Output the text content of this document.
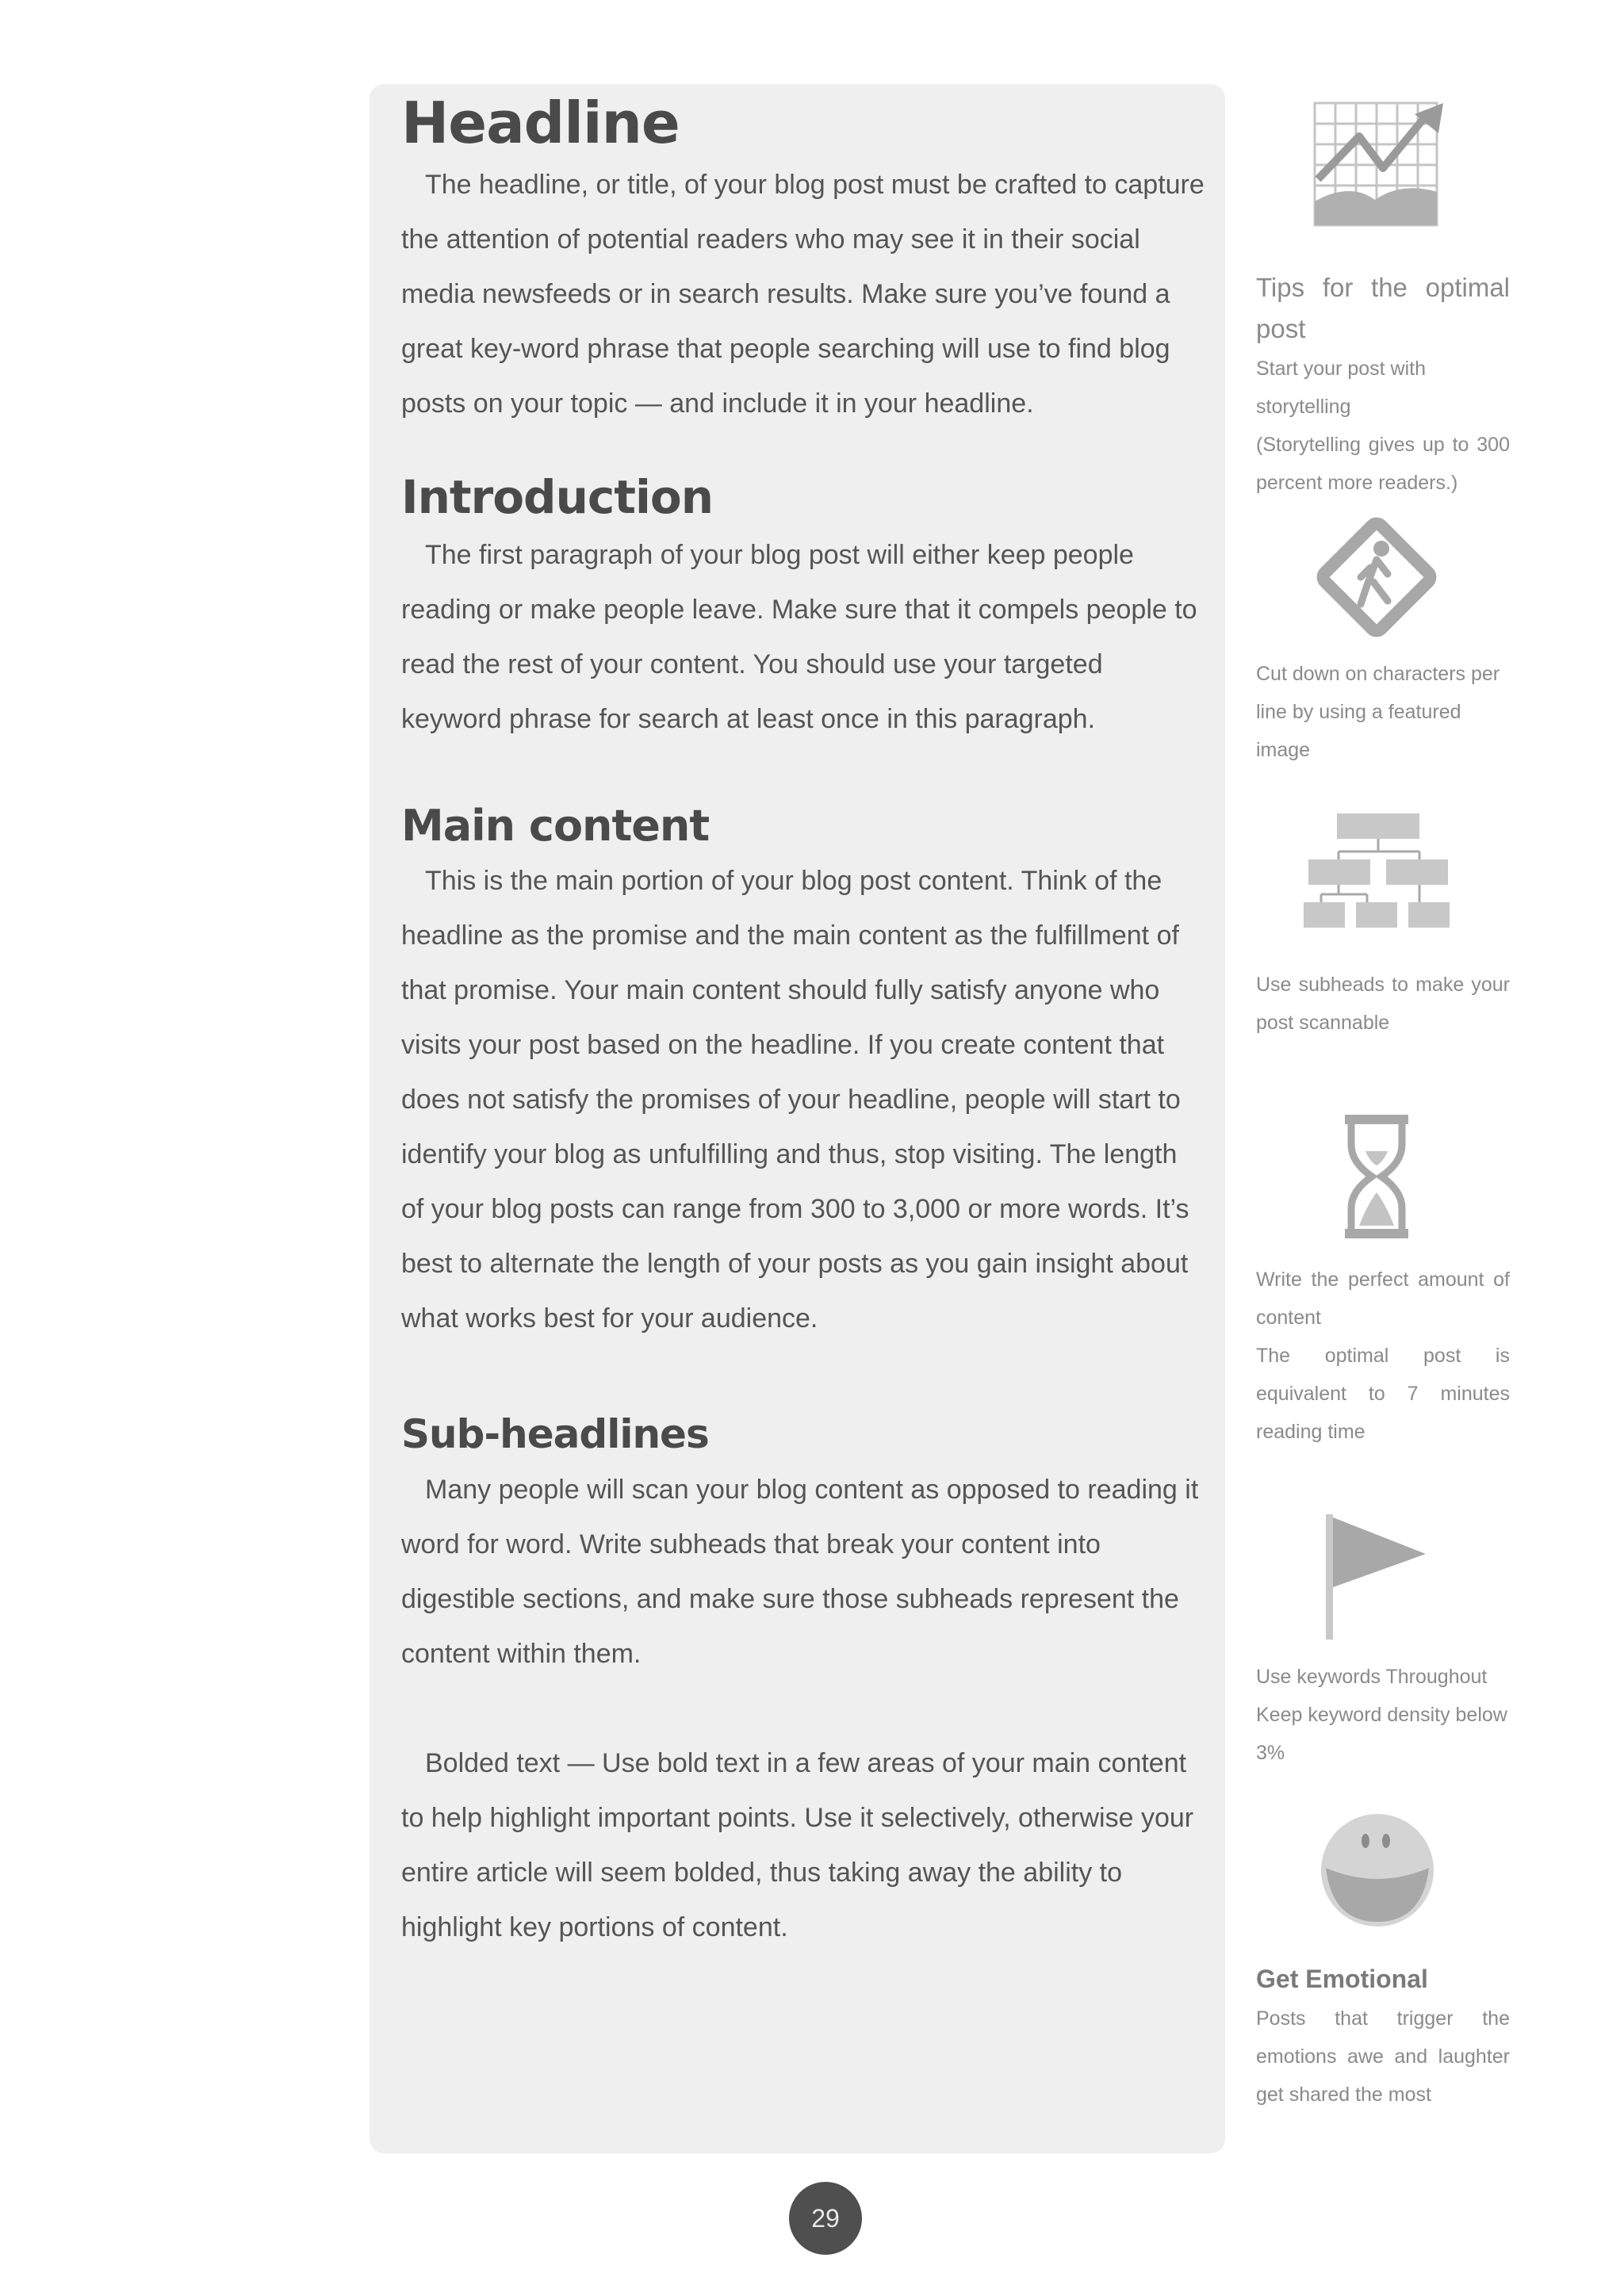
Headline

The headline, or title, of your blog post must be crafted to capture the attention of potential readers who may see it in their social media newsfeeds or in search results. Make sure you’ve found a great key-word phrase that people searching will use to find blog posts on your topic — and include it in your headline.

Introduction

The first paragraph of your blog post will either keep people reading or make people leave. Make sure that it compels people to read the rest of your content. You should use your targeted keyword phrase for search at least once in this paragraph.

Main content

This is the main portion of your blog post content. Think of the headline as the promise and the main content as the fulfillment of that promise. Your main content should fully satisfy anyone who visits your post based on the headline. If you create content that does not satisfy the promises of your headline, people will start to identify your blog as unfulfilling and thus, stop visiting. The length of your blog posts can range from 300 to 3,000 or more words. It’s best to alternate the length of your posts as you gain insight about what works best for your audience.

Sub-headlines

Many people will scan your blog content as opposed to reading it word for word. Write subheads that break your content into digestible sections, and make sure those subheads represent the content within them.

Bolded text — Use bold text in a few areas of your main content to help highlight important points. Use it selectively, otherwise your entire article will seem bolded, thus taking away the ability to highlight key portions of content.

Tips for the optimal post
Start your post with storytelling
(Storytelling gives up to 300 percent more readers.)
Cut down on characters per line by using a featured image
Use subheads to make your post scannable
Write the perfect amount of content
The optimal post is equivalent to 7 minutes reading time
Use keywords Throughout
Keep keyword density below 3%
Get Emotional
Posts that trigger the emotions awe and laughter get shared the most
29
